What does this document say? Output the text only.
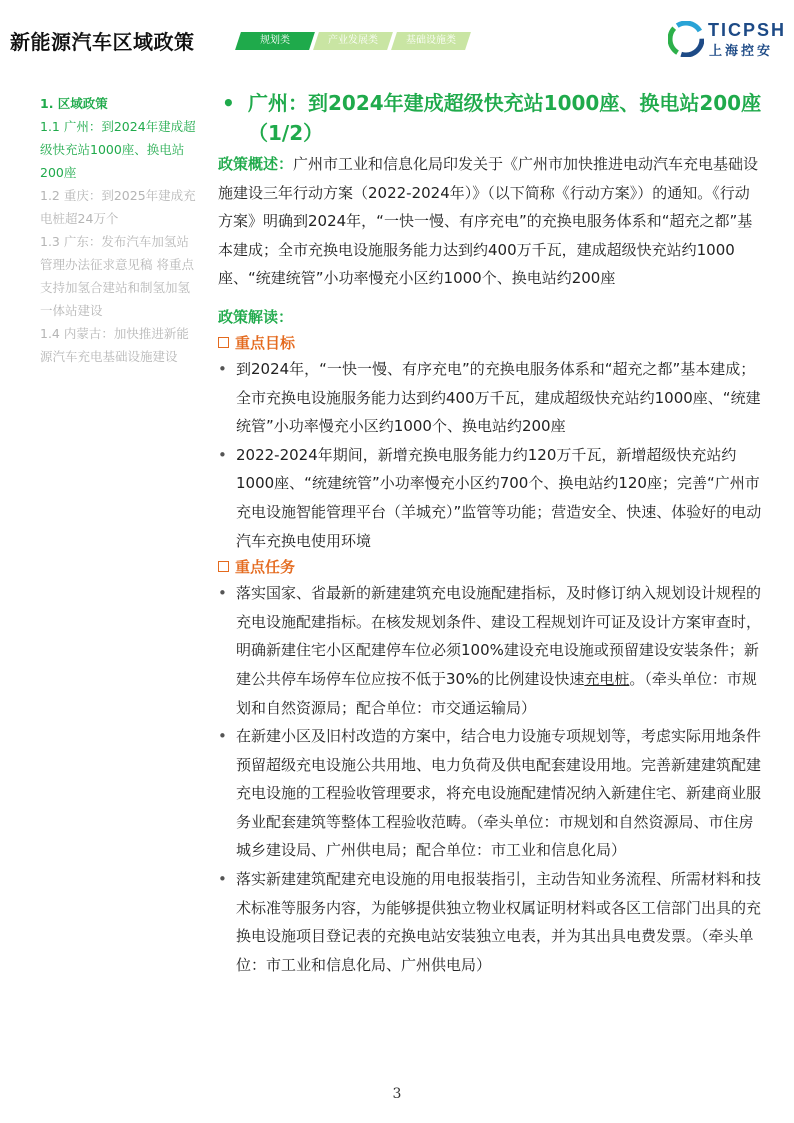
新能源汽车区域政策	规划类	产业发展类	基础设施类
TICPSH
上海控安
1. 区域政策
1.1 广州：到2024年建成超级快充站1000座、换电站200座
1.2 重庆：到2025年建成充电桩超24万个
1.3 广东：发布汽车加氢站管理办法征求意见稿 将重点支持加氢合建站和制氢加氢一体站建设
1.4 内蒙古：加快推进新能源汽车充电基础设施建设
• 广州：到2024年建成超级快充站1000座、换电站200座（1/2）
政策概述：广州市工业和信息化局印发关于《广州市加快推进电动汽车充电基础设施建设三年行动方案（2022-2024年）》（以下简称《行动方案》）的通知。《行动方案》明确到2024年，“一快一慢、有序充电”的充换电服务体系和“超充之都”基本建成；全市充换电设施服务能力达到约400万千瓦，建成超级快充站约1000座、“统建统管”小功率慢充小区约1000个、换电站约200座
政策解读：
重点目标
• 到2024年，“一快一慢、有序充电”的充换电服务体系和“超充之都”基本建成；全市充换电设施服务能力达到约400万千瓦，建成超级快充站约1000座、“统建统管”小功率慢充小区约1000个、换电站约200座
• 2022-2024年期间，新增充换电服务能力约120万千瓦，新增超级快充站约1000座、“统建统管”小功率慢充小区约700个、换电站约120座；完善“广州市充电设施智能管理平台（羊城充）”监管等功能；营造安全、快速、体验好的电动汽车充换电使用环境
重点任务
• 落实国家、省最新的新建建筑充电设施配建指标，及时修订纳入规划设计规程的充电设施配建指标。在核发规划条件、建设工程规划许可证及设计方案审查时，明确新建住宅小区配建停车位必须100%建设充电设施或预留建设安装条件；新建公共停车场停车位应按不低于30%的比例建设快速充电桩。（牵头单位：市规划和自然资源局；配合单位：市交通运输局）
• 在新建小区及旧村改造的方案中，结合电力设施专项规划等，考虑实际用地条件预留超级充电设施公共用地、电力负荷及供电配套建设用地。完善新建建筑配建充电设施的工程验收管理要求，将充电设施配建情况纳入新建住宅、新建商业服务业配套建筑等整体工程验收范畴。（牵头单位：市规划和自然资源局、市住房城乡建设局、广州供电局；配合单位：市工业和信息化局）
• 落实新建建筑配建充电设施的用电报装指引，主动告知业务流程、所需材料和技术标准等服务内容，为能够提供独立物业权属证明材料或各区工信部门出具的充换电设施项目登记表的充换电站安装独立电表，并为其出具电费发票。（牵头单位：市工业和信息化局、广州供电局）
3
